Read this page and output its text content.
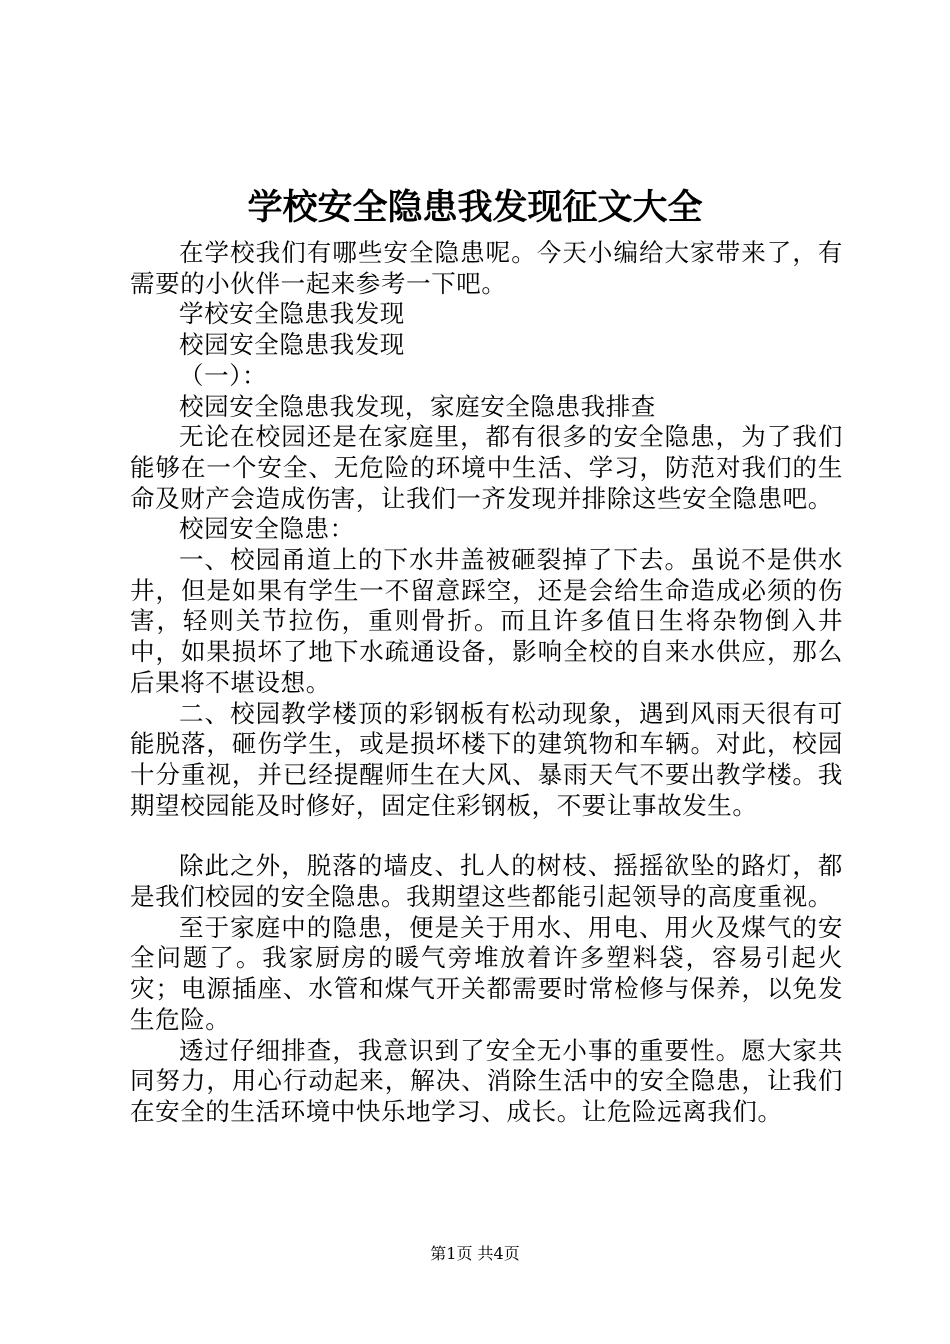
学校安全隐患我发现征文大全

在学校我们有哪些安全隐患呢。今天小编给大家带来了，有需要的小伙伴一起来参考一下吧。

学校安全隐患我发现

校园安全隐患我发现

（一）：

校园安全隐患我发现，家庭安全隐患我排查

无论在校园还是在家庭里，都有很多的安全隐患，为了我们能够在一个安全、无危险的环境中生活、学习，防范对我们的生命及财产会造成伤害，让我们一齐发现并排除这些安全隐患吧。

校园安全隐患：

一、校园甬道上的下水井盖被砸裂掉了下去。虽说不是供水井，但是如果有学生一不留意踩空，还是会给生命造成必须的伤害，轻则关节拉伤，重则骨折。而且许多值日生将杂物倒入井中，如果损坏了地下水疏通设备，影响全校的自来水供应，那么后果将不堪设想。

二、校园教学楼顶的彩钢板有松动现象，遇到风雨天很有可能脱落，砸伤学生，或是损坏楼下的建筑物和车辆。对此，校园十分重视，并已经提醒师生在大风、暴雨天气不要出教学楼。我期望校园能及时修好，固定住彩钢板，不要让事故发生。

除此之外，脱落的墙皮、扎人的树枝、摇摇欲坠的路灯，都是我们校园的安全隐患。我期望这些都能引起领导的高度重视。

至于家庭中的隐患，便是关于用水、用电、用火及煤气的安全问题了。我家厨房的暖气旁堆放着许多塑料袋，容易引起火灾；电源插座、水管和煤气开关都需要时常检修与保养，以免发生危险。

透过仔细排查，我意识到了安全无小事的重要性。愿大家共同努力，用心行动起来，解决、消除生活中的安全隐患，让我们在安全的生活环境中快乐地学习、成长。让危险远离我们。

第1页 共4页
